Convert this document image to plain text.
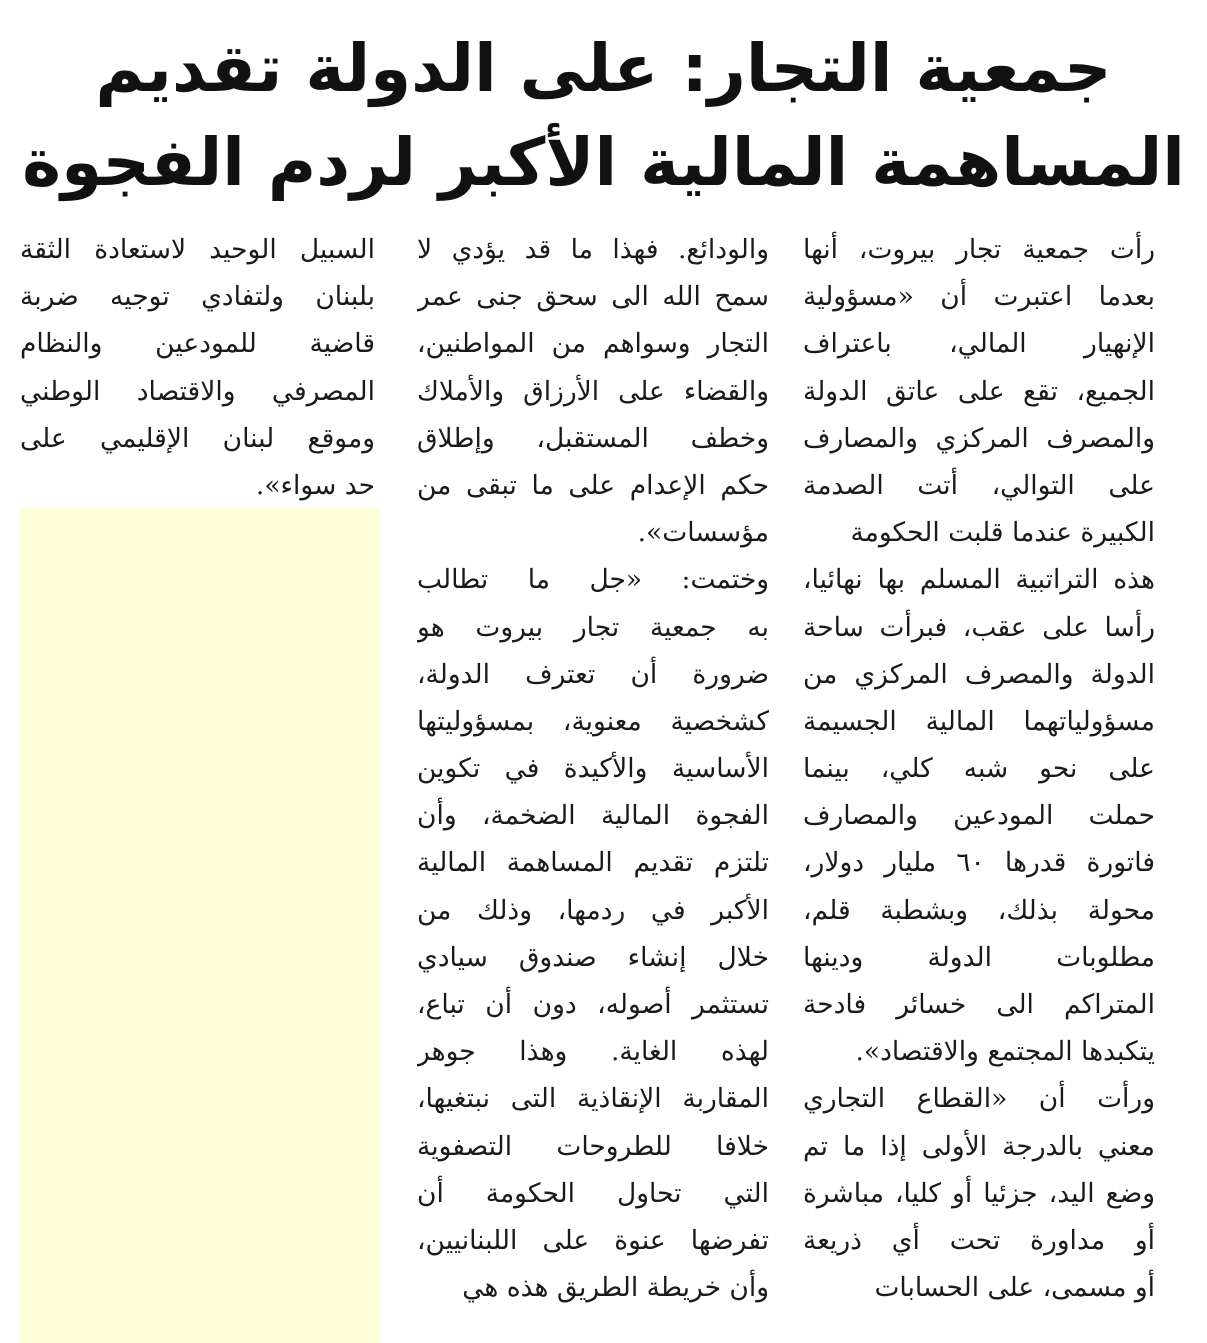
جمعية التجار: على الدولة تقديم
المساهمة المالية الأكبر لردم الفجوة

رأت جمعية تجار بيروت، أنها

بعدما اعتبرت أن «مسؤولية

الإنهيار المالي، باعتراف

الجميع، تقع على عاتق الدولة

والمصرف المركزي والمصارف

على التوالي، أتت الصدمة

الكبيرة عندما قلبت الحكومة

هذه التراتبية المسلم بها نهائيا،

رأسا على عقب، فبرأت ساحة

الدولة والمصرف المركزي من

مسؤولياتهما المالية الجسيمة

على نحو شبه كلي، بينما

حملت المودعين والمصارف

فاتورة قدرها ٦٠ مليار دولار،

محولة بذلك، وبشطبة قلم،

مطلوبات الدولة ودينها

المتراكم الى خسائر فادحة

يتكبدها المجتمع والاقتصاد».

ورأت أن «القطاع التجاري

معني بالدرجة الأولى إذا ما تم

وضع اليد، جزئيا أو كليا، مباشرة

أو مداورة تحت أي ذريعة

أو مسمى، على الحسابات

والودائع. فهذا ما قد يؤدي لا

سمح الله الى سحق جنى عمر

التجار وسواهم من المواطنين،

والقضاء على الأرزاق والأملاك

وخطف المستقبل، وإطلاق

حكم الإعدام على ما تبقى من

مؤسسات».

وختمت: «جل ما تطالب

به جمعية تجار بيروت هو

ضرورة أن تعترف الدولة،

كشخصية معنوية، بمسؤوليتها

الأساسية والأكيدة في تكوين

الفجوة المالية الضخمة، وأن

تلتزم تقديم المساهمة المالية

الأكبر في ردمها، وذلك من

خلال إنشاء صندوق سيادي

تستثمر أصوله، دون أن تباع،

لهذه الغاية. وهذا جوهر

المقاربة الإنقاذية التى نبتغيها،

خلافا للطروحات التصفوية

التي تحاول الحكومة أن

تفرضها عنوة على اللبنانيين،

وأن خريطة الطريق هذه هي

السبيل الوحيد لاستعادة الثقة

بلبنان ولتفادي توجيه ضربة

قاضية للمودعين والنظام

المصرفي والاقتصاد الوطني

وموقع لبنان الإقليمي على

حد سواء».
